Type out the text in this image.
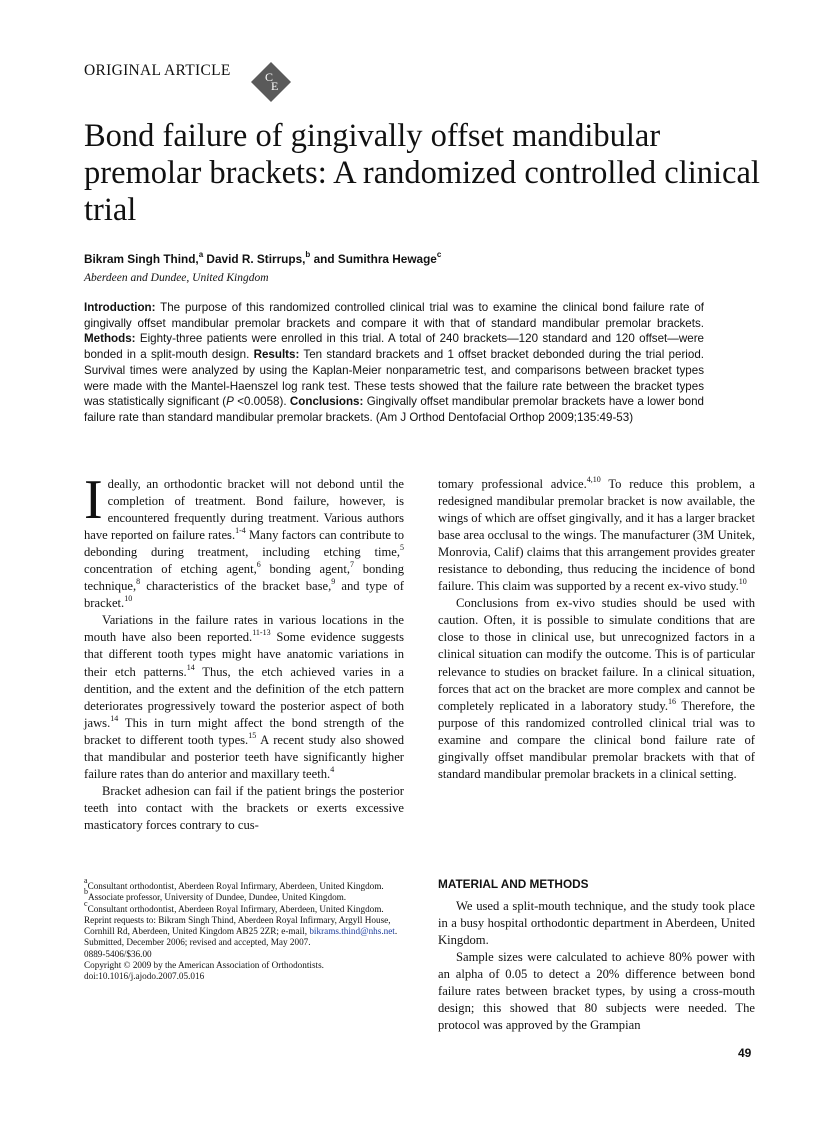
ORIGINAL ARTICLE	C
E
Bond failure of gingivally offset mandibular premolar brackets: A randomized controlled clinical trial
Bikram Singh Thind,$^a$ David R. Stirrups,$^b$ and Sumithra Hewage$^c$
Aberdeen and Dundee, United Kingdom

Introduction: The purpose of this randomized controlled clinical trial was to examine the clinical bond failure rate of gingivally offset mandibular premolar brackets and compare it with that of standard mandibular premolar brackets. Methods: Eighty-three patients were enrolled in this trial. A total of 240 brackets—120 standard and 120 offset—were bonded in a split-mouth design. Results: Ten standard brackets and 1 offset bracket debonded during the trial period. Survival times were analyzed by using the Kaplan-Meier nonparametric test, and comparisons between bracket types were made with the Mantel-Haenszel log rank test. These tests showed that the failure rate between the bracket types was statistically significant (P <0.0058). Conclusions: Gingivally offset mandibular premolar brackets have a lower bond failure rate than standard mandibular premolar brackets. (Am J Orthod Dentofacial Orthop 2009;135:49-53)

Ideally, an orthodontic bracket will not debond until the completion of treatment. Bond failure, however, is encountered frequently during treatment. Various authors have reported on failure rates.$^{1-4}$ Many factors can contribute to debonding during treatment, including etching time,$^5$ concentration of etching agent,$^6$ bonding agent,$^7$ bonding technique,$^8$ characteristics of the bracket base,$^9$ and type of bracket.$^{10}$

Variations in the failure rates in various locations in the mouth have also been reported.$^{11-13}$ Some evidence suggests that different tooth types might have anatomic variations in their etch patterns.$^{14}$ Thus, the etch achieved varies in a dentition, and the extent and the definition of the etch pattern deteriorates progressively toward the posterior aspect of both jaws.$^{14}$ This in turn might affect the bond strength of the bracket to different tooth types.$^{15}$ A recent study also showed that mandibular and posterior teeth have significantly higher failure rates than do anterior and maxillary teeth.$^4$

Bracket adhesion can fail if the patient brings the posterior teeth into contact with the brackets or exerts excessive masticatory forces contrary to cus-

tomary professional advice.$^{4,10}$ To reduce this problem, a redesigned mandibular premolar bracket is now available, the wings of which are offset gingivally, and it has a larger bracket base area occlusal to the wings. The manufacturer (3M Unitek, Monrovia, Calif) claims that this arrangement provides greater resistance to debonding, thus reducing the incidence of bond failure. This claim was supported by a recent ex-vivo study.$^{10}$

Conclusions from ex-vivo studies should be used with caution. Often, it is possible to simulate conditions that are close to those in clinical use, but unrecognized factors in a clinical situation can modify the outcome. This is of particular relevance to studies on bracket failure. In a clinical situation, forces that act on the bracket are more complex and cannot be completely replicated in a laboratory study.$^{16}$ Therefore, the purpose of this randomized controlled clinical trial was to examine and compare the clinical bond failure rate of gingivally offset mandibular premolar brackets with that of standard mandibular premolar brackets in a clinical setting.

$^a$Consultant orthodontist, Aberdeen Royal Infirmary, Aberdeen, United Kingdom.
$^b$Associate professor, University of Dundee, Dundee, United Kingdom.
$^c$Consultant orthodontist, Aberdeen Royal Infirmary, Aberdeen, United Kingdom.
Reprint requests to: Bikram Singh Thind, Aberdeen Royal Infirmary, Argyll House, Cornhill Rd, Aberdeen, United Kingdom AB25 2ZR; e-mail, bikrams.thind@nhs.net.
Submitted, December 2006; revised and accepted, May 2007.
0889-5406/$36.00
Copyright © 2009 by the American Association of Orthodontists.
doi:10.1016/j.ajodo.2007.05.016
MATERIAL AND METHODS

We used a split-mouth technique, and the study took place in a busy hospital orthodontic department in Aberdeen, United Kingdom.

Sample sizes were calculated to achieve 80% power with an alpha of 0.05 to detect a 20% difference between bond failure rates between bracket types, by using a cross-mouth design; this showed that 80 subjects were needed. The protocol was approved by the Grampian

49
